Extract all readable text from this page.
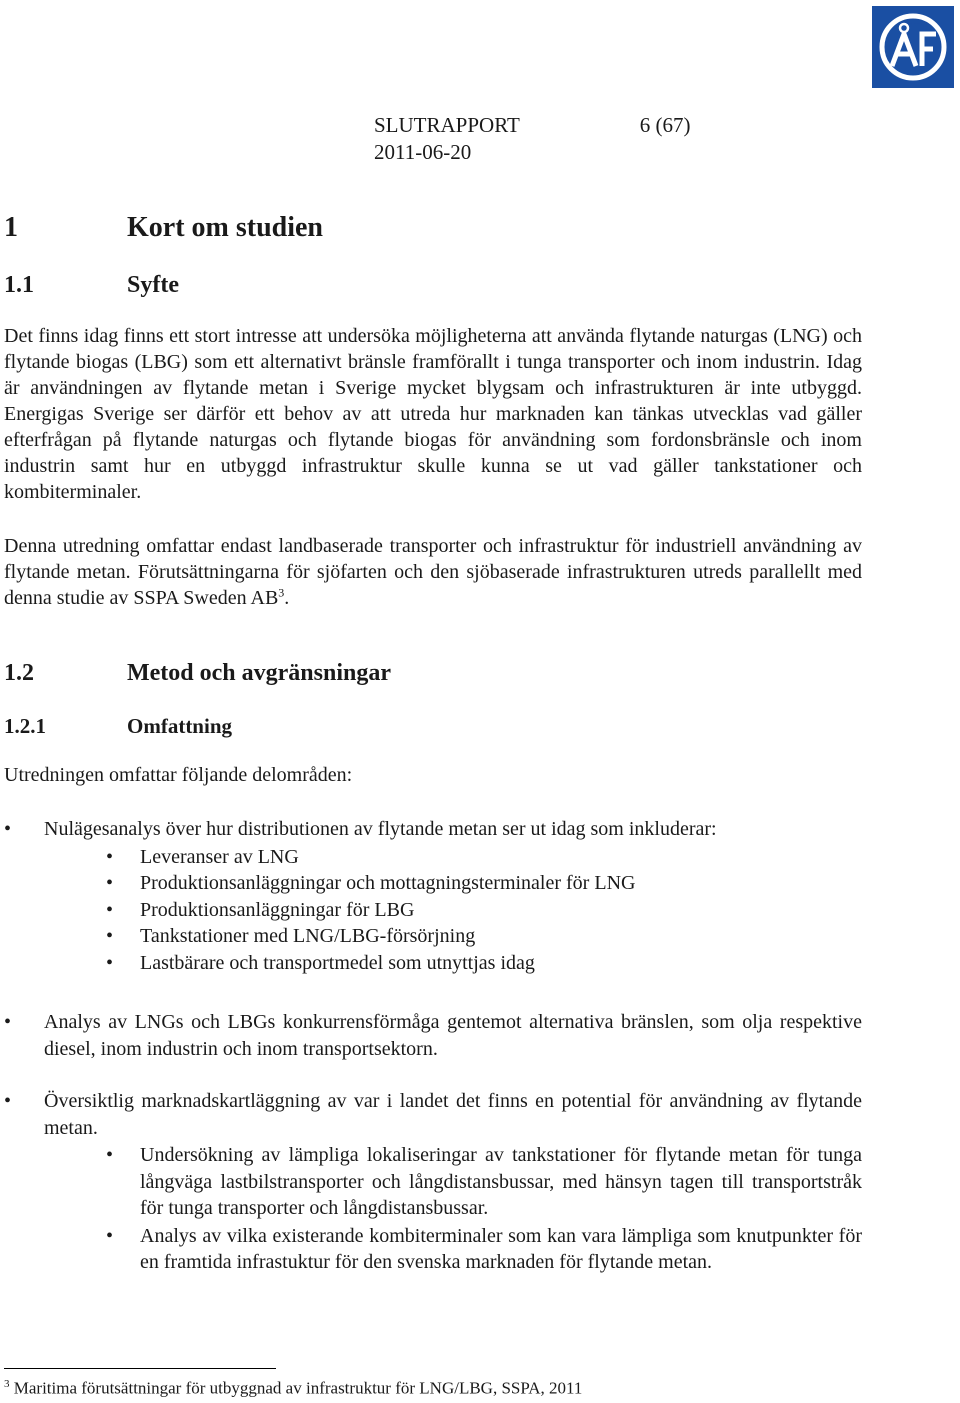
SLUTRAPPORT	6 (67)
2011-06-20
1	Kort om studien
1.1	Syfte

Det finns idag finns ett stort intresse att undersöka möjligheterna att använda flytande naturgas (LNG) och flytande biogas (LBG) som ett alternativt bränsle framförallt i tunga transporter och inom industrin. Idag är användningen av flytande metan i Sverige mycket blygsam och infrastrukturen är inte utbyggd. Energigas Sverige ser därför ett behov av att utreda hur marknaden kan tänkas utvecklas vad gäller efterfrågan på flytande naturgas och flytande biogas för användning som fordonsbränsle och inom industrin samt hur en utbyggd infrastruktur skulle kunna se ut vad gäller tankstationer och kombiterminaler.

Denna utredning omfattar endast landbaserade transporter och infrastruktur för industriell användning av flytande metan. Förutsättningarna för sjöfarten och den sjöbaserade infrastrukturen utreds parallellt med denna studie av SSPA Sweden $AB^3$.

1.2	Metod och avgränsningar
1.2.1	Omfattning

Utredningen omfattar följande delområden:

• Nulägesanalys över hur distributionen av flytande metan ser ut idag som inkluderar:
• Leveranser av LNG
• Produktionsanläggningar och mottagningsterminaler för LNG
• Produktionsanläggningar för LBG
• Tankstationer med LNG/LBG-försörjning
• Lastbärare och transportmedel som utnyttjas idag
• Analys av LNGs och LBGs konkurrensförmåga gentemot alternativa bränslen, som olja respektive diesel, inom industrin och inom transportsektorn.
• Översiktlig marknadskartläggning av var i landet det finns en potential för användning av flytande metan.
• Undersökning av lämpliga lokaliseringar av tankstationer för flytande metan för tunga långväga lastbilstransporter och långdistansbussar, med hänsyn tagen till transportstråk för tunga transporter och långdistansbussar.
• Analys av vilka existerande kombiterminaler som kan vara lämpliga som knutpunkter för en framtida infrastuktur för den svenska marknaden för flytande metan.
$^3$ Maritima förutsättningar för utbyggnad av infrastruktur för LNG/LBG, SSPA, 2011
